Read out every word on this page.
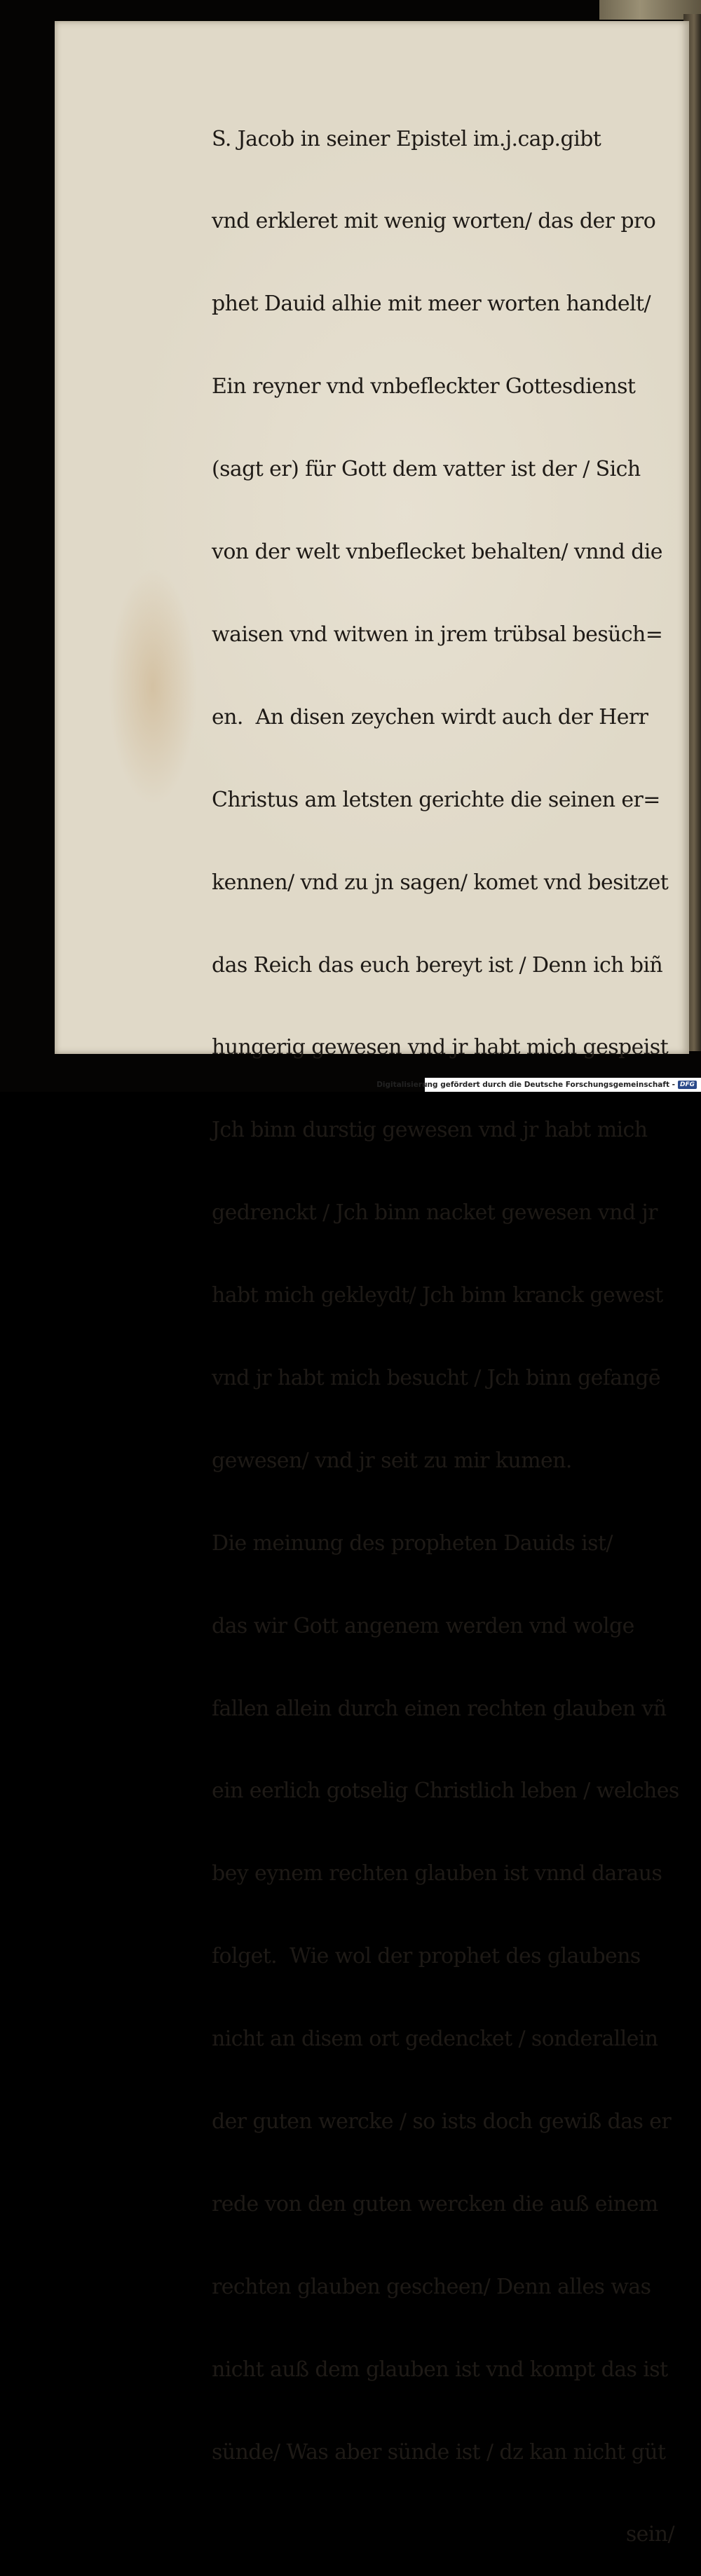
S. Jacob in seiner Epistel im.j.cap.gibt

vnd erkleret mit wenig worten/ das der pro

phet Dauid alhie mit meer worten handelt/

Ein reyner vnd vnbefleckter Gottesdienst

(sagt er) für Gott dem vatter ist der / Sich

von der welt vnbeflecket behalten/ vnnd die

waisen vnd witwen in jrem trübsal besüch=

en.  An disen zeychen wirdt auch der Herr

Christus am letsten gerichte die seinen er=

kennen/ vnd zu jn sagen/ komet vnd besitzet

das Reich das euch bereyt ist / Denn ich biñ

hungerig gewesen vnd jr habt mich gespeist

Jch binn durstig gewesen vnd jr habt mich

gedrenckt / Jch binn nacket gewesen vnd jr

habt mich gekleydt/ Jch binn kranck gewest

vnd jr habt mich besucht / Jch binn gefangē

gewesen/ vnd jr seit zu mir kumen.

Die meinung des propheten Dauids ist/

das wir Gott angenem werden vnd wolge

fallen allein durch einen rechten glauben vñ

ein eerlich gotselig Christlich leben / welches

bey eynem rechten glauben ist vnnd daraus

folget.  Wie wol der prophet des glaubens

nicht an disem ort gedencket / sonderallein

der guten wercke / so ists doch gewiß das er

rede von den guten wercken die auß einem

rechten glauben gescheen/ Denn alles was

nicht auß dem glauben ist vnd kompt das ist

sünde/ Was aber sünde ist / dz kan nicht güt

sein/

Digitalisierung gefördert durch die Deutsche Forschungsgemeinschaft - DFG
